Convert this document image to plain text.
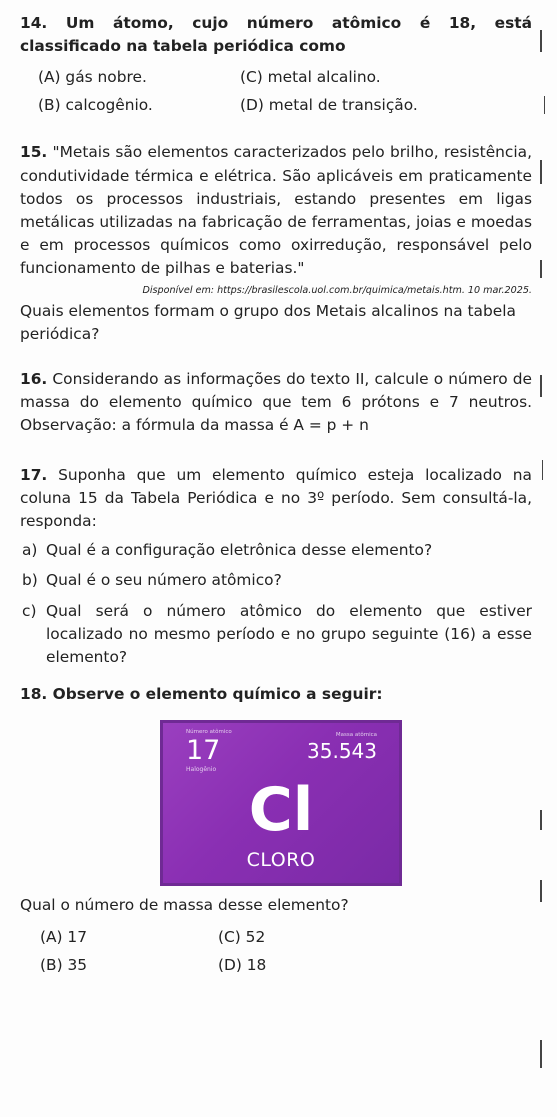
14. Um átomo, cujo número atômico é 18, está classificado na tabela periódica como

(A) gás nobre.	(C) metal alcalino.
(B) calcogênio.	(D) metal de transição.

15. "Metais são elementos caracterizados pelo brilho, resistência, condutividade térmica e elétrica. São aplicáveis em praticamente todos os processos industriais, estando presentes em ligas metálicas utilizadas na fabricação de ferramentas, joias e moedas e em processos químicos como oxirredução, responsável pelo funcionamento de pilhas e baterias."

Disponível em: https://brasilescola.uol.com.br/quimica/metais.htm. 10 mar.2025.

Quais elementos formam o grupo dos Metais alcalinos na tabela periódica?

16. Considerando as informações do texto II, calcule o número de massa do elemento químico que tem 6 prótons e 7 neutros. Observação: a fórmula da massa é A = p + n

17. Suponha que um elemento químico esteja localizado na coluna 15 da Tabela Periódica e no 3º período. Sem consultá-la, responda:

a) Qual é a configuração eletrônica desse elemento?
b) Qual é o seu número atômico?
c) Qual será o número atômico do elemento que estiver localizado no mesmo período e no grupo seguinte (16) a esse elemento?

18. Observe o elemento químico a seguir:

Número atômico	Massa atômica
17	35.543
Halogênio
Cl
CLORO

Qual o número de massa desse elemento?

(A) 17	(C) 52
(B) 35	(D) 18
